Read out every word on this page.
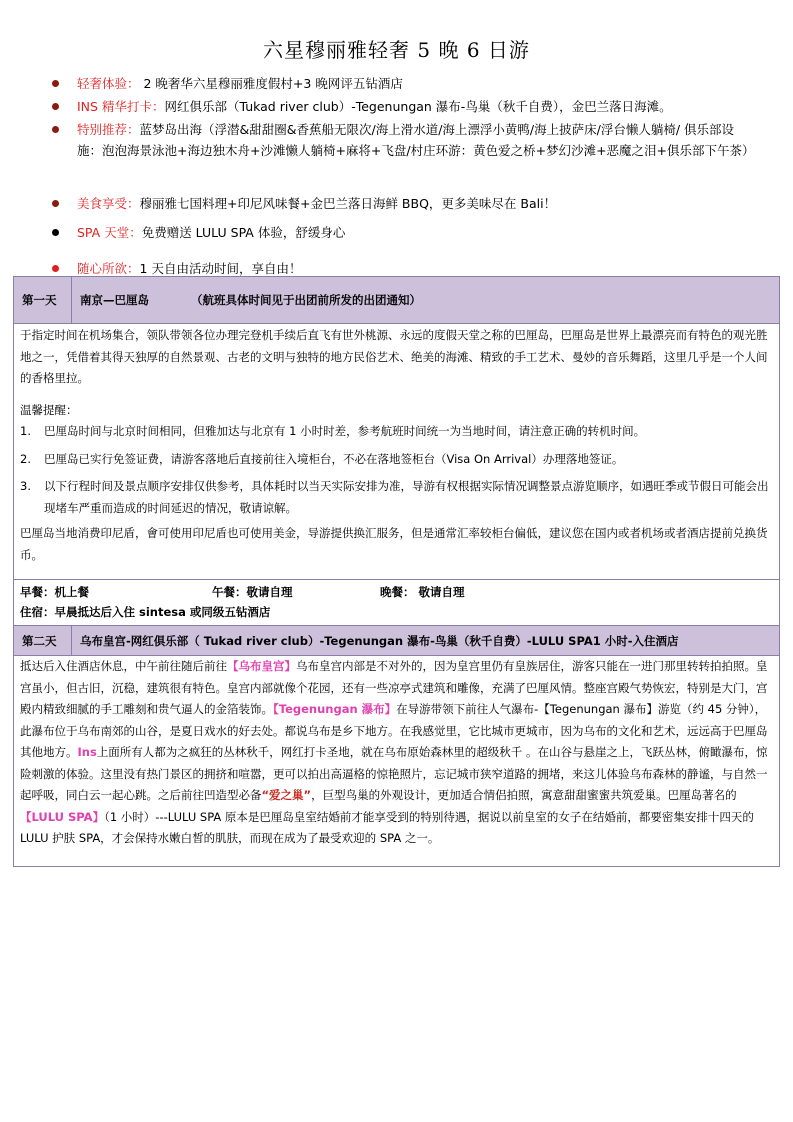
六星穆丽雅轻奢 5 晚 6 日游
轻奢体验： 2 晚奢华六星穆丽雅度假村+3 晚网评五钻酒店
INS 精华打卡：网红俱乐部（Tukad river club）-Tegenungan 瀑布-鸟巢（秋千自费），金巴兰落日海滩。
特别推荐：蓝梦岛出海（浮潜&甜甜圈&香蕉船无限次/海上滑水道/海上漂浮小黄鸭/海上披萨床/浮台懒人躺椅/ 俱乐部设施：泡泡海景泳池+海边独木舟+沙滩懒人躺椅+麻将+飞盘/村庄环游：黄色爱之桥+梦幻沙滩+恶魔之泪+俱乐部下午茶）
美食享受：穆丽雅七国料理+印尼风味餐+金巴兰落日海鲜 BBQ，更多美味尽在 Bali！
SPA 天堂：免费赠送 LULU SPA 体验，舒缓身心
随心所欲：1 天自由活动时间，享自由！
第一天	南京—巴厘岛	（航班具体时间见于出团前所发的出团通知）

于指定时间在机场集合，领队带领各位办理完登机手续后直飞有世外桃源、永远的度假天堂之称的巴厘岛，巴厘岛是世界上最漂亮而有特色的观光胜地之一，凭借着其得天独厚的自然景观、古老的文明与独特的地方民俗艺术、绝美的海滩、精致的手工艺术、曼妙的音乐舞蹈，这里几乎是一个人间的香格里拉。

温馨提醒：

1. 巴厘岛时间与北京时间相同，但雅加达与北京有 1 小时时差，参考航班时间统一为当地时间，请注意正确的转机时间。
2. 巴厘岛已实行免签证费，请游客落地后直接前往入境柜台，不必在落地签柜台（Visa On Arrival）办理落地签证。
3. 以下行程时间及景点顺序安排仅供参考，具体耗时以当天实际安排为准，导游有权根据实际情况调整景点游览顺序，如遇旺季或节假日可能会出现堵车严重而造成的时间延迟的情况，敬请谅解。

巴厘岛当地消费印尼盾，會可使用印尼盾也可使用美金，导游提供换汇服务，但是通常汇率较柜台偏低，建议您在国内或者机场或者酒店提前兑换货币。

早餐：机上餐	午餐：敬请自理	晚餐： 敬请自理
住宿：早晨抵达后入住 sintesa 或同级五钻酒店
第二天	乌布皇宫-网红俱乐部（ Tukad river club）-Tegenungan 瀑布-鸟巢（秋千自费）-LULU SPA1 小时-入住酒店
抵达后入住酒店休息，中午前往随后前往【乌布皇宫】乌布皇宫内部是不对外的，因为皇宫里仍有皇族居住，游客只能在一进门那里转转拍拍照。皇宫虽小，但古旧，沉稳，建筑很有特色。皇宫内部就像个花园，还有一些凉亭式建筑和雕像，充满了巴厘风情。整座宫殿气势恢宏，特别是大门，宫殿内精致细腻的手工雕刻和贵气逼人的金箔装饰。【Tegenungan 瀑布】在导游带领下前往人气瀑布-【Tegenungan 瀑布】游览（约 45 分钟），此瀑布位于乌布南郊的山谷，是夏日戏水的好去处。都说乌布是乡下地方。在我感觉里，它比城市更城市，因为乌布的文化和艺术，远远高于巴厘岛其他地方。Ins上面所有人都为之疯狂的丛林秋千，网红打卡圣地，就在乌布原始森林里的超级秋千 。在山谷与悬崖之上，飞跃丛林，俯瞰瀑布，惊险刺激的体验。这里没有热门景区的拥挤和喧嚣，更可以拍出高逼格的惊艳照片，忘记城市狭窄道路的拥堵，来这儿体验乌布森林的静谧，与自然一起呼吸，同白云一起心跳。之后前往凹造型必备“爱之巢”，巨型鸟巢的外观设计，更加适合情侣拍照，寓意甜甜蜜蜜共筑爱巢。巴厘岛著名的【LULU SPA】（1 小时）---LULU SPA 原本是巴厘岛皇室结婚前才能享受到的特别待遇，据说以前皇室的女子在结婚前，都要密集安排十四天的 LULU 护肤 SPA，才会保持水嫩白皙的肌肤，而现在成为了最受欢迎的 SPA 之一。
